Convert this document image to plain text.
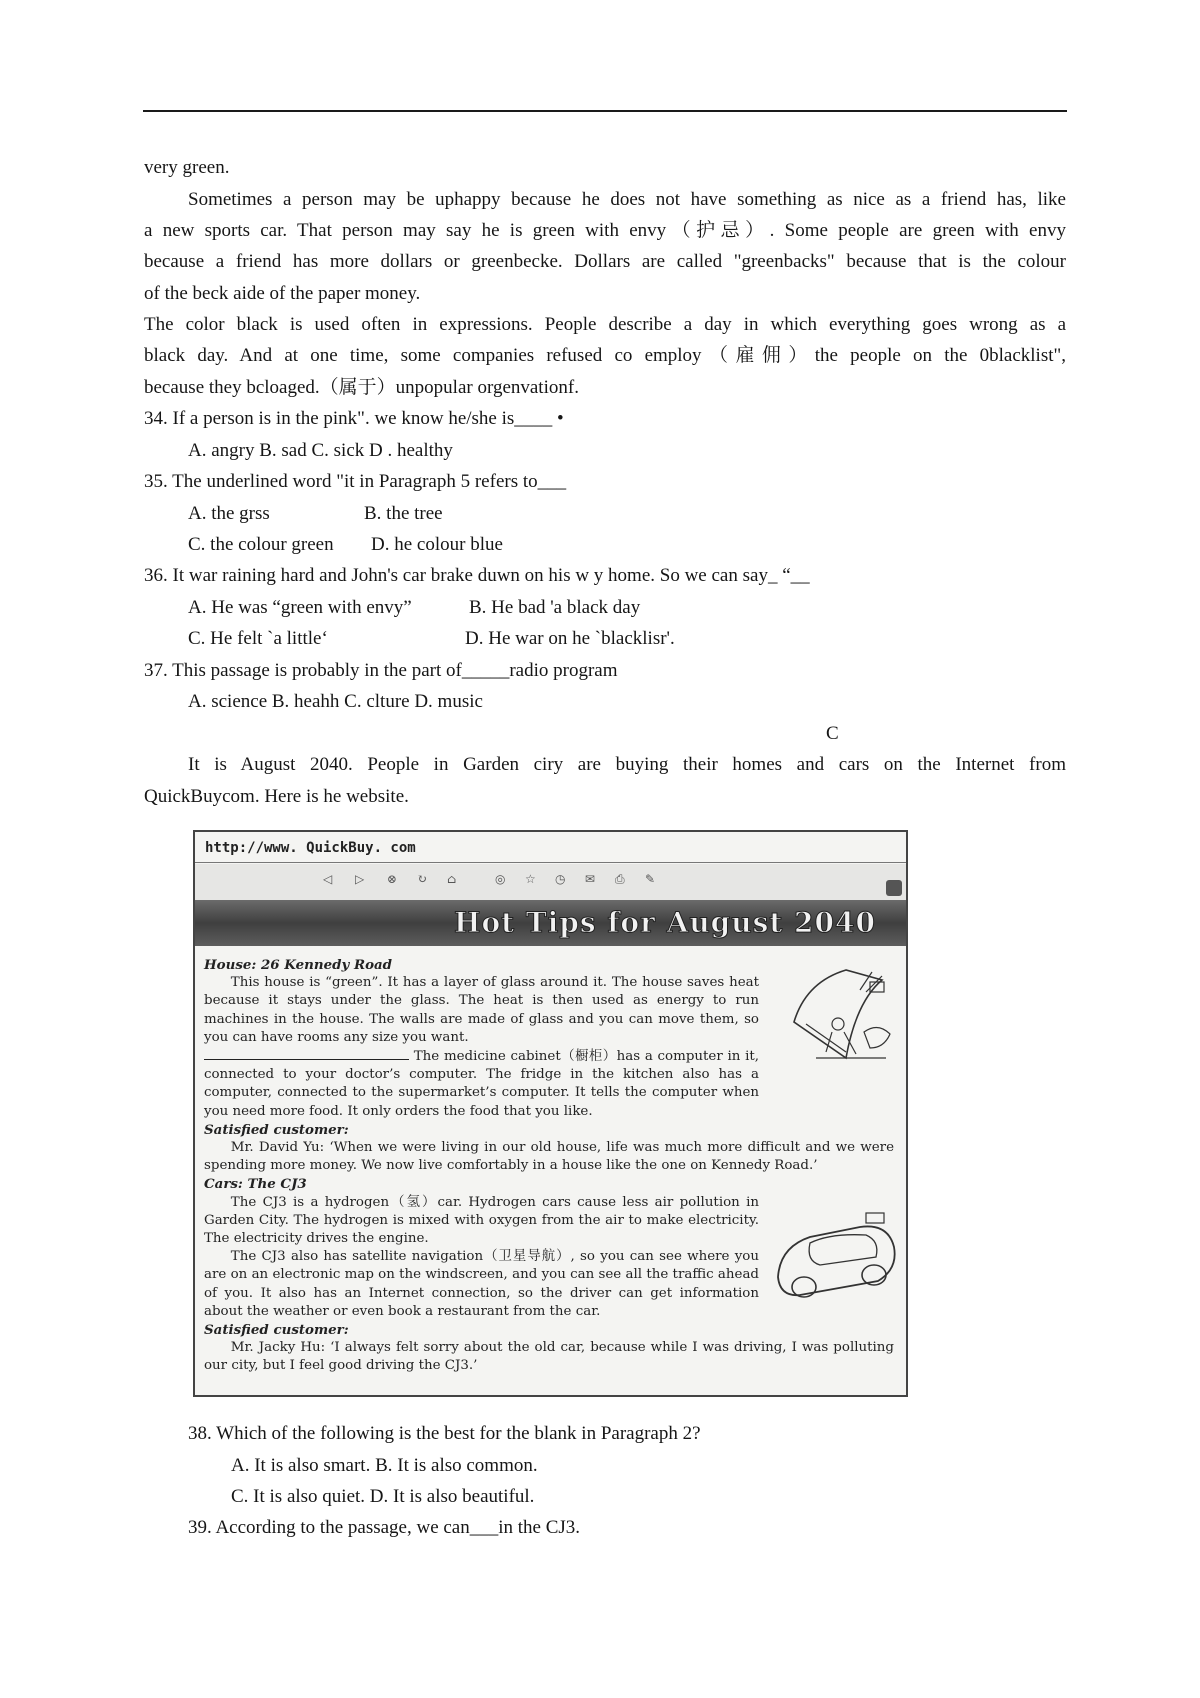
very green.
Sometimes a person may be uphappy because he does not have something as nice as a friend has, like
a new sports car. That person may say he is green with envy（护忌）. Some people are green with envy
because a friend has more dollars or greenbecke. Dollars are called "greenbacks" because that is the colour
of the beck aide of the paper money.
The color black is used often in expressions. People describe a day in which everything goes wrong as a
black day. And at one time, some companies refused co employ（雇佣）the people on the 0blacklist",
because they bcloaged.（属于）unpopular orgenvationf.
34. If a person is in the pink". we know he/she is____ •
A. angry B. sad C. sick D . healthy
35. The underlined word "it in Paragraph 5 refers to___
A. the grss	B. the tree
C. the colour green D. he colour blue
36. It war raining hard and John's car brake duwn on his w y home. So we can say_ “__
A. He was “green with envy”	B. He bad 'a black day
C. He felt `a little‘	D. He war on he `blacklisr'.
37. This passage is probably in the part of_____radio program
A. science B. heahh C. clture D. music
C
It is August 2040. People in Garden ciry are buying their homes and cars on the Internet from
QuickBuycom. Here is he website.
http://www. QuickBuy. com
◁ ▷ ⊗ ↻ ⌂	◎ ☆ ◷ ✉ ⎙ ✎
Hot Tips for August 2040
House: 26 Kennedy Road
This house is “green”. It has a layer of glass around it. The house saves heat because it stays under the glass. The heat is then used as energy to run machines in the house. The walls are made of glass and you can move them, so you can have rooms any size you want.
The medicine cabinet（橱柜）has a computer in it, connected to your doctor’s computer. The fridge in the kitchen also has a computer, connected to the supermarket’s computer. It tells the computer when you need more food. It only orders the food that you like.
Satisfied customer:
Mr. David Yu: ‘When we were living in our old house, life was much more difficult and we were spending more money. We now live comfortably in a house like the one on Kennedy Road.’
Cars: The CJ3
The CJ3 is a hydrogen（氢）car. Hydrogen cars cause less air pollution in Garden City. The hydrogen is mixed with oxygen from the air to make electricity. The electricity drives the engine.
The CJ3 also has satellite navigation（卫星导航）, so you can see where you are on an electronic map on the windscreen, and you can see all the traffic ahead of you. It also has an Internet connection, so the driver can get information about the weather or even book a restaurant from the car.
Satisfied customer:
Mr. Jacky Hu: ‘I always felt sorry about the old car, because while I was driving, I was polluting our city, but I feel good driving the CJ3.’
38. Which of the following is the best for the blank in Paragraph 2?
A. It is also smart. B. It is also common.
C. It is also quiet. D. It is also beautiful.
39. According to the passage, we can___in the CJ3.
